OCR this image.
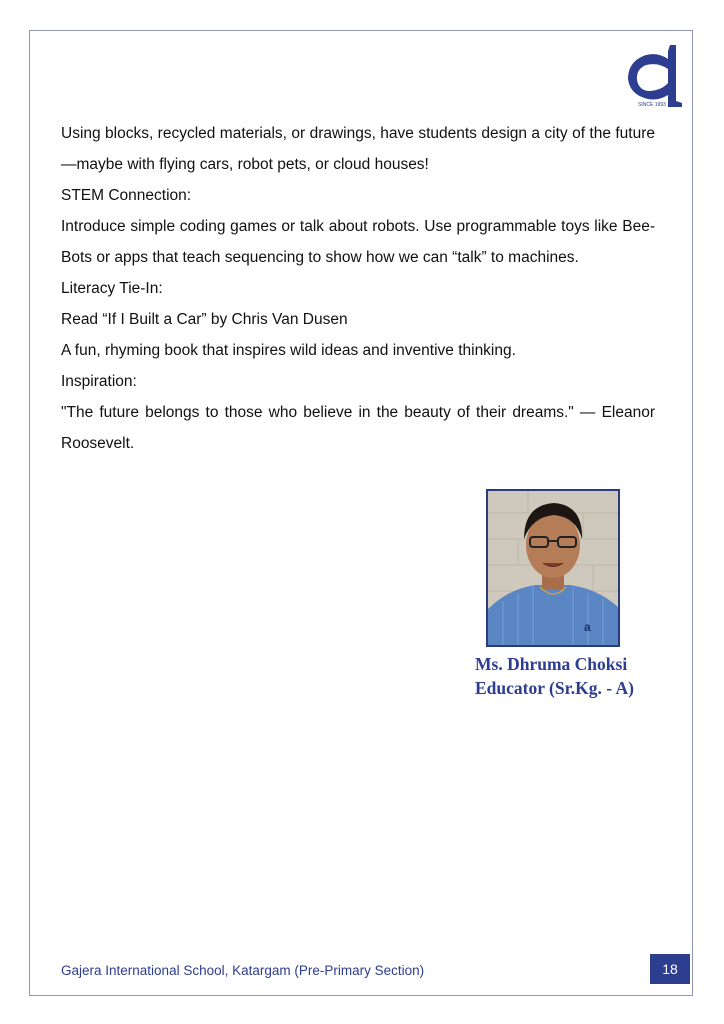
SINCE 1993

Using blocks, recycled materials, or drawings, have students design a city of the future—maybe with flying cars, robot pets, or cloud houses!

STEM Connection:

Introduce simple coding games or talk about robots. Use programmable toys like Bee-Bots or apps that teach sequencing to show how we can “talk” to machines.

Literacy Tie-In:

Read “If I Built a Car” by Chris Van Dusen

A fun, rhyming book that inspires wild ideas and inventive thinking.

Inspiration:

"The future belongs to those who believe in the beauty of their dreams." — Eleanor Roosevelt.

a
Ms. Dhruma Choksi
Educator (Sr.Kg. - A)
Gajera International School, Katargam (Pre-Primary Section)	18
